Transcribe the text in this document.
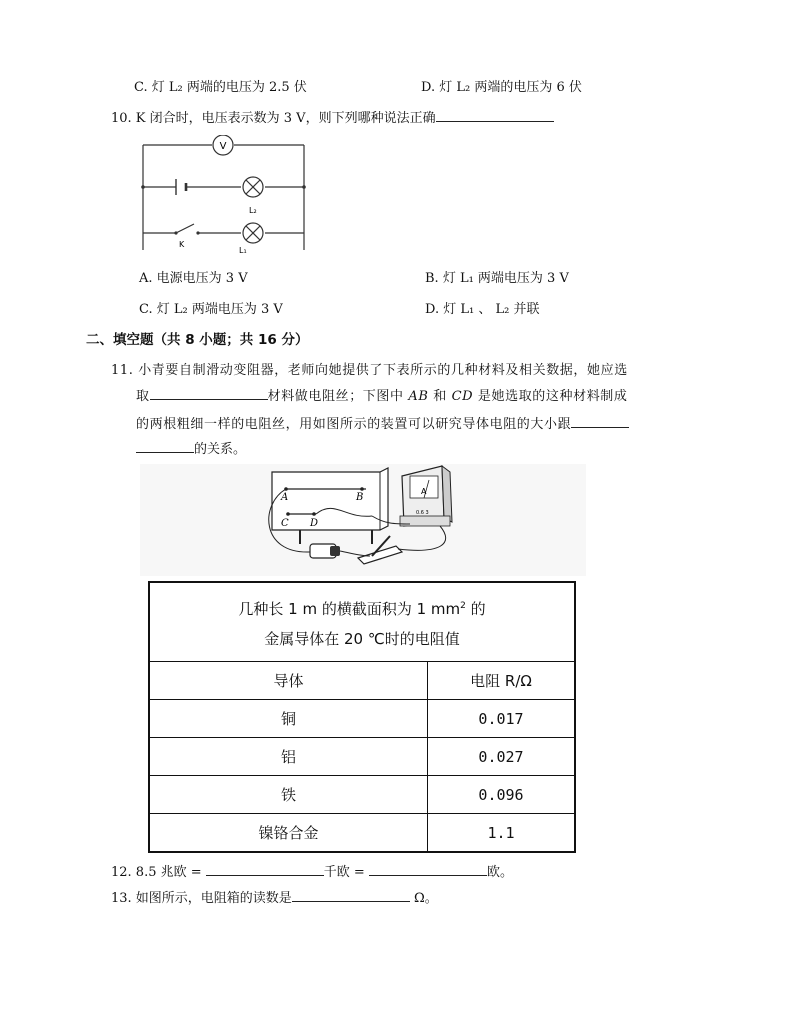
C. 灯 L₂ 两端的电压为 2.5 伏	D. 灯 L₂ 两端的电压为 6 伏
10. K 闭合时，电压表示数为 3 V，则下列哪种说法正确
V
L₂
K
L₁
A. 电源电压为 3 V	B. 灯 L₁ 两端电压为 3 V
C. 灯 L₂ 两端电压为 3 V	D. 灯 L₁ 、 L₂ 并联
二、填空题（共 8 小题；共 16 分）
11. 小青要自制滑动变阻器，老师向她提供了下表所示的几种材料及相关数据，她应选
取	材料做电阻丝；下图中 AB 和 CD 是她选取的这种材料制成
的两根粗细一样的电阻丝，用如图所示的装置可以研究导体电阻的大小跟
的关系。
A	B
C D
A
0.6 3
几种长 1 m 的横截面积为 1 $mm^2$ 的
金属导体在 20 ℃时的电阻值	
导体	电阻 R/Ω
铜	0.017
铝	0.027
铁	0.096
镍铬合金	1.1
12. 8.5 兆欧 =	千欧 =	欧。
13. 如图所示，电阻箱的读数是	Ω。
